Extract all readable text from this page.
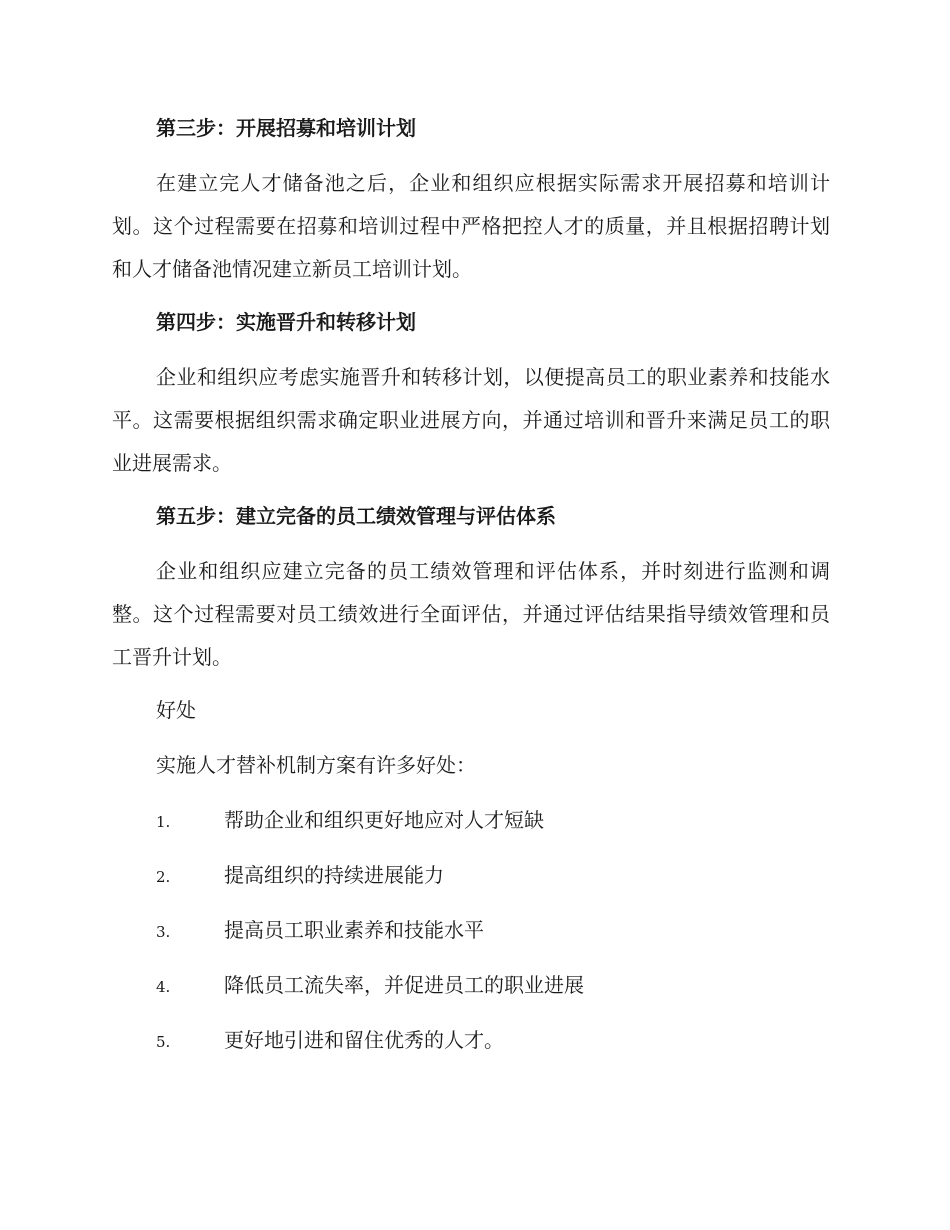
第三步：开展招募和培训计划

在建立完人才储备池之后，企业和组织应根据实际需求开展招募和培训计划。这个过程需要在招募和培训过程中严格把控人才的质量，并且根据招聘计划和人才储备池情况建立新员工培训计划。

第四步：实施晋升和转移计划

企业和组织应考虑实施晋升和转移计划，以便提高员工的职业素养和技能水平。这需要根据组织需求确定职业进展方向，并通过培训和晋升来满足员工的职业进展需求。

第五步：建立完备的员工绩效管理与评估体系

企业和组织应建立完备的员工绩效管理和评估体系，并时刻进行监测和调整。这个过程需要对员工绩效进行全面评估，并通过评估结果指导绩效管理和员工晋升计划。

好处
实施人才替补机制方案有许多好处：
1.	帮助企业和组织更好地应对人才短缺
2.	提高组织的持续进展能力
3.	提高员工职业素养和技能水平
4.	降低员工流失率，并促进员工的职业进展
5.	更好地引进和留住优秀的人才。
